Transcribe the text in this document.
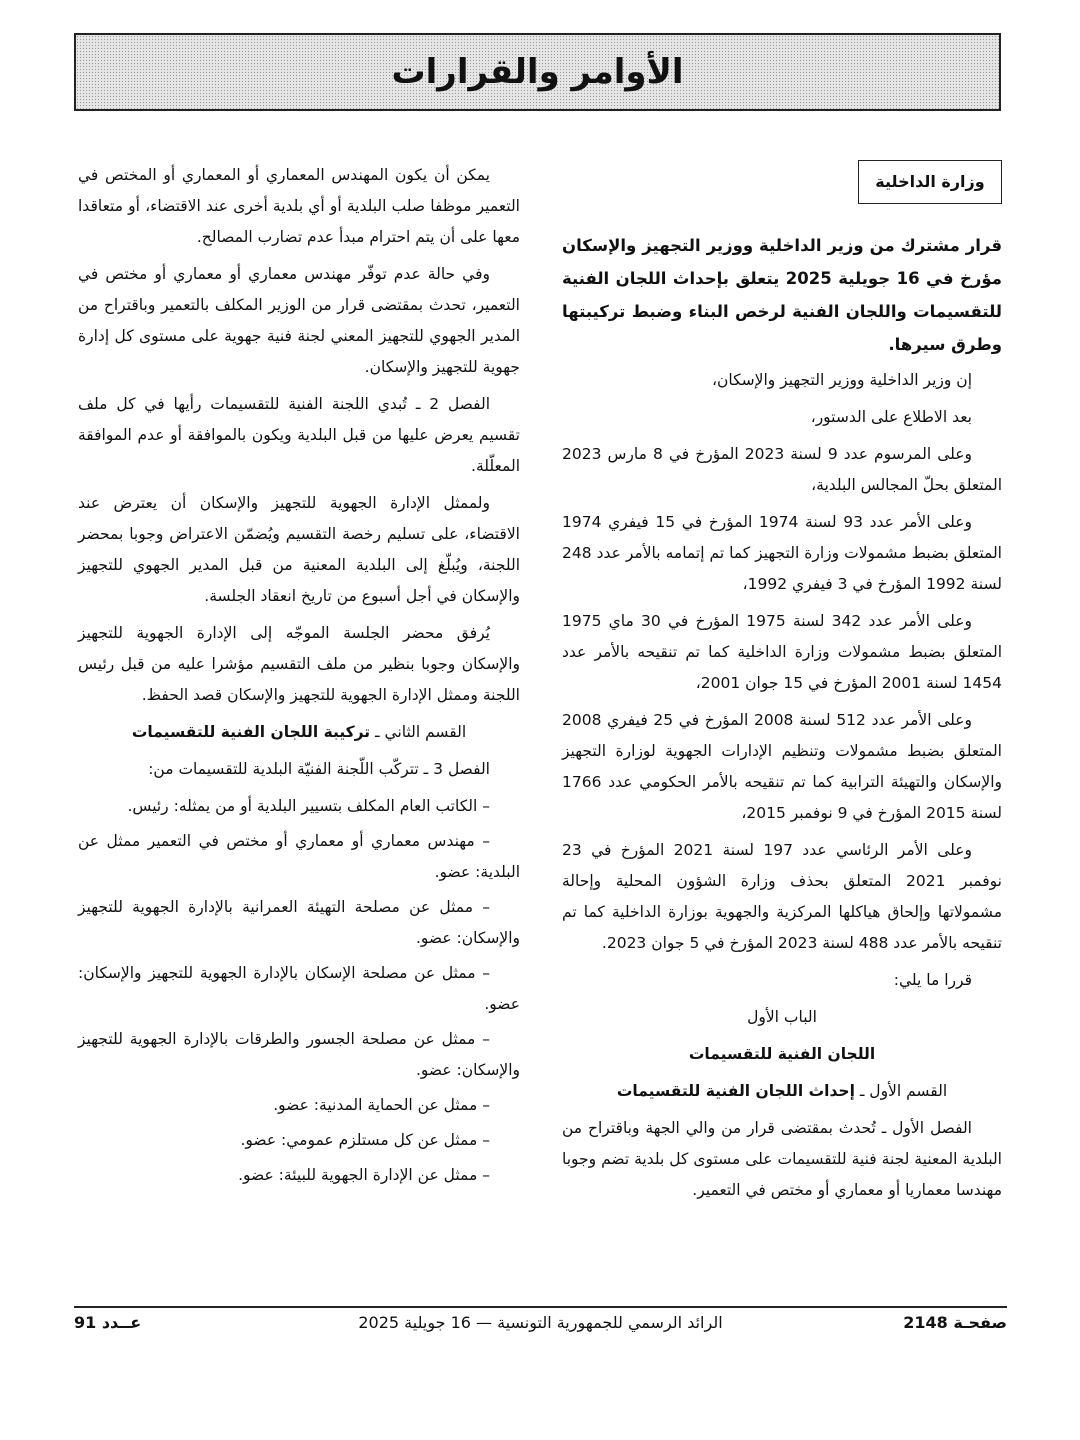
الأوامر والقرارات
وزارة الداخلية

قرار مشترك من وزير الداخلية ووزير التجهيز والإسكان مؤرخ في 16 جويلية 2025 يتعلق بإحداث اللجان الفنية للتقسيمات واللجان الفنية لرخص البناء وضبط تركيبتها وطرق سيرها.

إن وزير الداخلية ووزير التجهيز والإسكان،

بعد الاطلاع على الدستور،

وعلى المرسوم عدد 9 لسنة 2023 المؤرخ في 8 مارس 2023 المتعلق بحلّ المجالس البلدية،

وعلى الأمر عدد 93 لسنة 1974 المؤرخ في 15 فيفري 1974 المتعلق بضبط مشمولات وزارة التجهيز كما تم إتمامه بالأمر عدد 248 لسنة 1992 المؤرخ في 3 فيفري 1992،

وعلى الأمر عدد 342 لسنة 1975 المؤرخ في 30 ماي 1975 المتعلق بضبط مشمولات وزارة الداخلية كما تم تنقيحه بالأمر عدد 1454 لسنة 2001 المؤرخ في 15 جوان 2001،

وعلى الأمر عدد 512 لسنة 2008 المؤرخ في 25 فيفري 2008 المتعلق بضبط مشمولات وتنظيم الإدارات الجهوية لوزارة التجهيز والإسكان والتهيئة الترابية كما تم تنقيحه بالأمر الحكومي عدد 1766 لسنة 2015 المؤرخ في 9 نوفمبر 2015،

وعلى الأمر الرئاسي عدد 197 لسنة 2021 المؤرخ في 23 نوفمبر 2021 المتعلق بحذف وزارة الشؤون المحلية وإحالة مشمولاتها وإلحاق هياكلها المركزية والجهوية بوزارة الداخلية كما تم تنقيحه بالأمر عدد 488 لسنة 2023 المؤرخ في 5 جوان 2023.

قررا ما يلي:

الباب الأول

اللجان الفنية للتقسيمات

القسم الأول ـ إحداث اللجان الفنية للتقسيمات

الفصل الأول ـ تُحدث بمقتضى قرار من والي الجهة وباقتراح من البلدية المعنية لجنة فنية للتقسيمات على مستوى كل بلدية تضم وجوبا مهندسا معماريا أو معماري أو مختص في التعمير.

يمكن أن يكون المهندس المعماري أو المعماري أو المختص في التعمير موظفا صلب البلدية أو أي بلدية أخرى عند الاقتضاء، أو متعاقدا معها على أن يتم احترام مبدأ عدم تضارب المصالح.

وفي حالة عدم توفّر مهندس معماري أو معماري أو مختص في التعمير، تحدث بمقتضى قرار من الوزير المكلف بالتعمير وباقتراح من المدير الجهوي للتجهيز المعني لجنة فنية جهوية على مستوى كل إدارة جهوية للتجهيز والإسكان.

الفصل 2 ـ تُبدي اللجنة الفنية للتقسيمات رأيها في كل ملف تقسيم يعرض عليها من قبل البلدية ويكون بالموافقة أو عدم الموافقة المعلّلة.

ولممثل الإدارة الجهوية للتجهيز والإسكان أن يعترض عند الاقتضاء، على تسليم رخصة التقسيم ويُضمّن الاعتراض وجوبا بمحضر اللجنة، ويُبلّغ إلى البلدية المعنية من قبل المدير الجهوي للتجهيز والإسكان في أجل أسبوع من تاريخ انعقاد الجلسة.

يُرفق محضر الجلسة الموجّه إلى الإدارة الجهوية للتجهيز والإسكان وجوبا بنظير من ملف التقسيم مؤشرا عليه من قبل رئيس اللجنة وممثل الإدارة الجهوية للتجهيز والإسكان قصد الحفظ.

القسم الثاني ـ تركيبة اللجان الفنية للتقسيمات

الفصل 3 ـ تتركّب اللّجنة الفنيّة البلدية للتقسيمات من:

– الكاتب العام المكلف بتسيير البلدية أو من يمثله: رئيس.

– مهندس معماري أو معماري أو مختص في التعمير ممثل عن البلدية: عضو.

– ممثل عن مصلحة التهيئة العمرانية بالإدارة الجهوية للتجهيز والإسكان: عضو.

– ممثل عن مصلحة الإسكان بالإدارة الجهوية للتجهيز والإسكان: عضو.

– ممثل عن مصلحة الجسور والطرقات بالإدارة الجهوية للتجهيز والإسكان: عضو.

– ممثل عن الحماية المدنية: عضو.

– ممثل عن كل مستلزم عمومي: عضو.

– ممثل عن الإدارة الجهوية للبيئة: عضو.

صفحـة 2148
الرائد الرسمي للجمهورية التونسية — 16 جويلية 2025
عــدد 91
